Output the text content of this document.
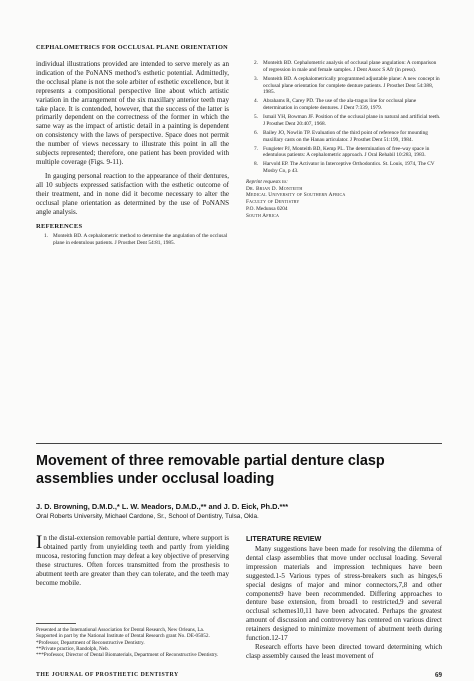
CEPHALOMETRICS FOR OCCLUSAL PLANE ORIENTATION

individual illustrations provided are intended to serve merely as an indication of the PoNANS method’s esthetic potential. Admittedly, the occlusal plane is not the sole arbiter of esthetic excellence, but it represents a compositional perspective line about which artistic variation in the arrangement of the six maxillary anterior teeth may take place. It is contended, however, that the success of the latter is primarily dependent on the correctness of the former in which the same way as the impact of artistic detail in a painting is dependent on consistency with the laws of perspective. Space does not permit the number of views necessary to illustrate this point in all the subjects represented; therefore, one patient has been provided with multiple coverage (Figs. 9-11).

In gauging personal reaction to the appearance of their dentures, all 10 subjects expressed satisfaction with the esthetic outcome of their treatment, and in none did it become necessary to alter the occlusal plane orientation as determined by the use of PoNANS angle analysis.

REFERENCES
1. Monteith BD. A cephalometric method to determine the angulation of the occlusal plane in edentulous patients. J Prosthet Dent 54:81, 1985.
2. Monteith BD. Cephalometric analysis of occlusal plane angulation: A comparison of regression in male and female samples. J Dent Assoc S Afr (in press).
3. Monteith BD. A cephalometrically programmed adjustable plane: A new concept in occlusal plane orientation for complete denture patients. J Prosthet Dent 54:388, 1985.
4. Abrahams R, Carey PD. The use of the ala-tragus line for occlusal plane determination in complete dentures. J Dent 7:339, 1979.
5. Ismail YH, Bowman JF. Position of the occlusal plane in natural and artificial teeth. J Prosthet Dent 20:407, 1968.
6. Bailey JO, Nowlin TP. Evaluation of the third point of reference for mounting maxillary casts on the Hanau articulator. J Prosthet Dent 51:199, 1984.
7. Fungieter PJ, Monteith BD, Kemp PL. The determination of free-way space in edentulous patients: A cephalometric approach. J Oral Rehabil 10:283, 1983.
8. Harvold EP. The Activator in Interceptive Orthodontics. St. Louis, 1974, The CV Mosby Co, p 43.
Reprint requests to:
Dr. Brian D. Monteith
Medical University of Southern Africa
Faculty of Dentistry
P.O. Medunsa 0204
South Africa
Movement of three removable partial denture clasp assemblies under occlusal loading
J. D. Browning, D.M.D.,* L. W. Meadors, D.M.D.,** and J. D. Eick, Ph.D.***
Oral Roberts University, Michael Cardone, Sr., School of Dentistry, Tulsa, Okla.

In the distal-extension removable partial denture, where support is obtained partly from unyielding teeth and partly from yielding mucosa, restoring function may defeat a key objective of preserving these structures. Often forces transmitted from the prosthesis to abutment teeth are greater than they can tolerate, and the teeth may become mobile.

Presented at the International Association for Dental Research, New Orleans, La.

Supported in part by the National Institute of Dental Research grant No. DE-05052.

*Professor, Department of Reconstructive Dentistry.

**Private practice, Randolph, Neb.

***Professor, Director of Dental Biomaterials, Department of Reconstructive Dentistry.

LITERATURE REVIEW

Many suggestions have been made for resolving the dilemma of dental clasp assemblies that move under occlusal loading. Several impression materials and impression techniques have been suggested.1-5 Various types of stress-breakers such as hinges,6 special designs of major and minor connectors,7,8 and other components9 have been recommended. Differing approaches to denture base extension, from broad1 to restricted,9 and several occlusal schemes10,11 have been advocated. Perhaps the greatest amount of discussion and controversy has centered on various direct retainers designed to minimize movement of abutment teeth during function.12-17

Research efforts have been directed toward determining which clasp assembly caused the least movement of

THE JOURNAL OF PROSTHETIC DENTISTRY	69
